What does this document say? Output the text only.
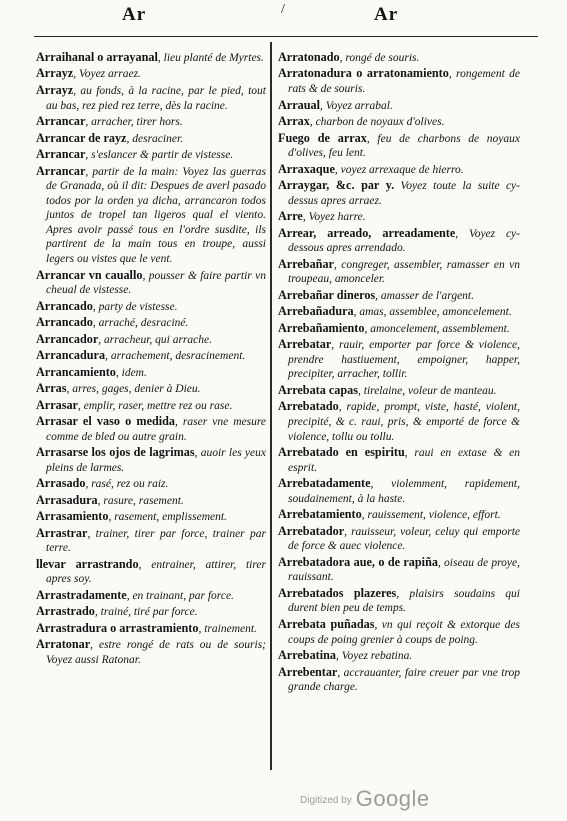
Ar	/	Ar

Arraihanal o arrayanal, lieu planté de Myrtes.

Arrayz, Voyez arraez.

Arrayz, au fonds, à la racine, par le pied, tout au bas, rez pied rez terre, dès la racine.

Arrancar, arracher, tirer hors.

Arrancar de rayz, desraciner.

Arrancar, s'eslancer & partir de vistesse.

Arrancar, partir de la main: Voyez las guerras de Granada, où il dit: Despues de averl pasado todos por la orden ya dicha, arrancaron todos juntos de tropel tan ligeros qual el viento. Apres avoir passé tous en l'ordre susdite, ils partirent de la main tous en troupe, aussi legers ou vistes que le vent.

Arrancar vn cauallo, pousser & faire partir vn cheual de vistesse.

Arrancado, party de vistesse.

Arrancado, arraché, desraciné.

Arrancador, arracheur, qui arrache.

Arrancadura, arrachement, desracinement.

Arrancamiento, idem.

Arras, arres, gages, denier à Dieu.

Arrasar, emplir, raser, mettre rez ou rase.

Arrasar el vaso o medida, raser vne mesure comme de bled ou autre grain.

Arrasarse los ojos de lagrimas, auoir les yeux pleins de larmes.

Arrasado, rasé, rez ou raiz.

Arrasadura, rasure, rasement.

Arrasamiento, rasement, emplissement.

Arrastrar, trainer, tirer par force, trainer par terre.

llevar arrastrando, entrainer, attirer, tirer apres soy.

Arrastradamente, en trainant, par force.

Arrastrado, trainé, tiré par force.

Arrastradura o arrastramiento, trainement.

Arratonar, estre rongé de rats ou de souris; Voyez aussi Ratonar.

Arratonado, rongé de souris.

Arratonadura o arratonamiento, rongement de rats & de souris.

Arraual, Voyez arrabal.

Arrax, charbon de noyaux d'olives.

Fuego de arrax, feu de charbons de noyaux d'olives, feu lent.

Arraxaque, voyez arrexaque de hierro.

Arraygar, &c. par y. Voyez toute la suite cy-dessus apres arraez.

Arre, Voyez harre.

Arrear, arreado, arreadamente, Voyez cy-dessous apres arrendado.

Arrebañar, congreger, assembler, ramasser en vn troupeau, amonceler.

Arrebañar dineros, amasser de l'argent.

Arrebañadura, amas, assemblee, amoncelement.

Arrebañamiento, amoncelement, assemblement.

Arrebatar, rauir, emporter par force & violence, prendre hastiuement, empoigner, happer, precipiter, arracher, tollir.

Arrebata capas, tirelaine, voleur de manteau.

Arrebatado, rapide, prompt, viste, hasté, violent, precipité, & c. raui, pris, & emporté de force & violence, tollu ou tollu.

Arrebatado en espiritu, raui en extase & en esprit.

Arrebatadamente, violemment, rapidement, soudainement, à la haste.

Arrebatamiento, rauissement, violence, effort.

Arrebatador, rauisseur, voleur, celuy qui emporte de force & auec violence.

Arrebatadora aue, o de rapiña, oiseau de proye, rauissant.

Arrebatados plazeres, plaisirs soudains qui durent bien peu de temps.

Arrebata puñadas, vn qui reçoit & extorque des coups de poing grenier à coups de poing.

Arrebatina, Voyez rebatina.

Arrebentar, accrauanter, faire creuer par vne trop grande charge.

Digitized by Google
